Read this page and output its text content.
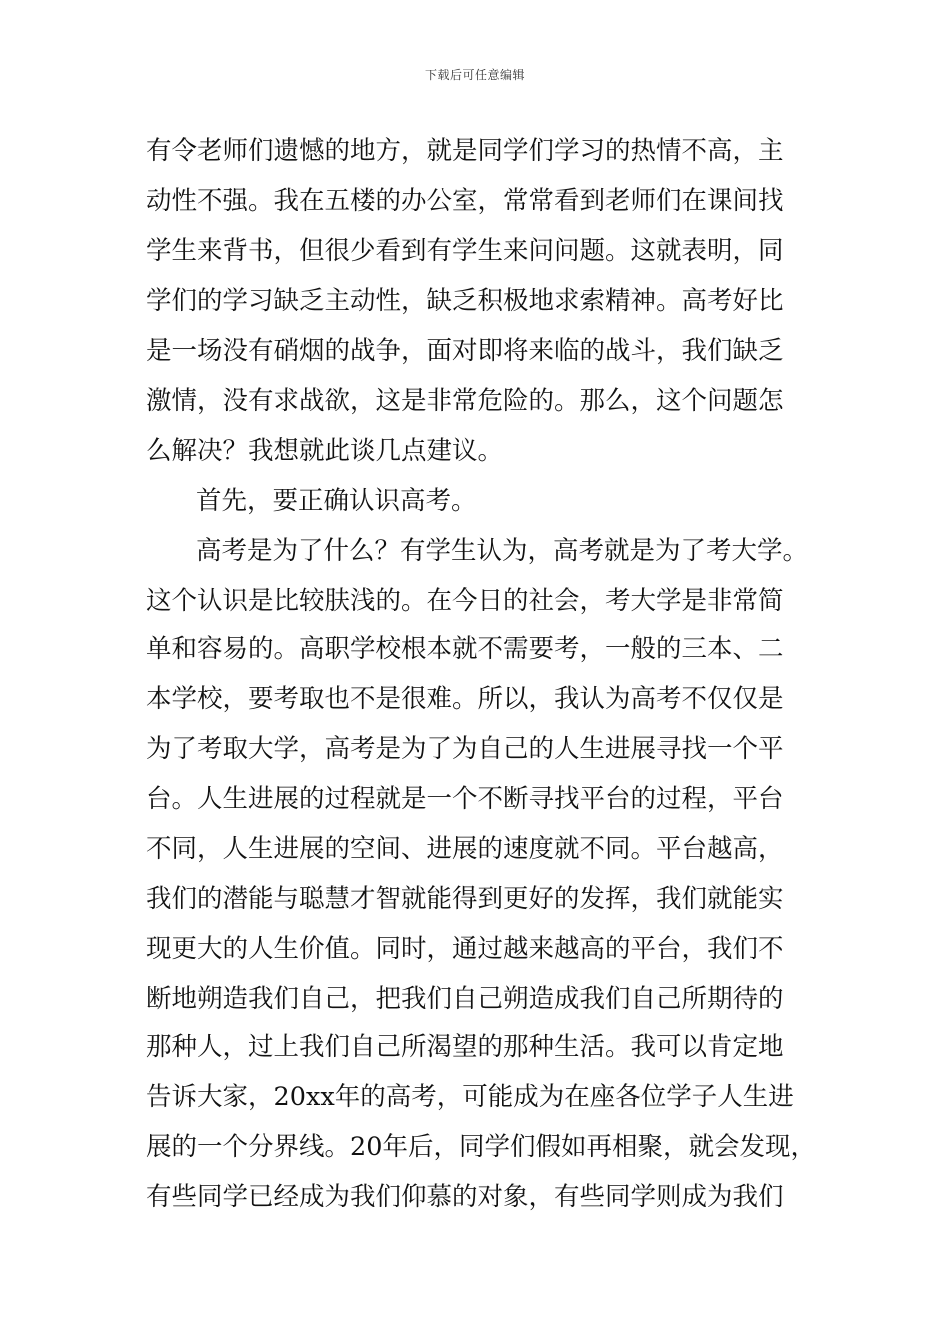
下载后可任意编辑
有令老师们遗憾的地方，就是同学们学习的热情不高，主
动性不强。我在五楼的办公室，常常看到老师们在课间找
学生来背书，但很少看到有学生来问问题。这就表明，同
学们的学习缺乏主动性，缺乏积极地求索精神。高考好比
是一场没有硝烟的战争，面对即将来临的战斗，我们缺乏
激情，没有求战欲，这是非常危险的。那么，这个问题怎
么解决？我想就此谈几点建议。
首先，要正确认识高考。
高考是为了什么？有学生认为，高考就是为了考大学。
这个认识是比较肤浅的。在今日的社会，考大学是非常简
单和容易的。高职学校根本就不需要考，一般的三本、二
本学校，要考取也不是很难。所以，我认为高考不仅仅是
为了考取大学，高考是为了为自己的人生进展寻找一个平
台。人生进展的过程就是一个不断寻找平台的过程，平台
不同，人生进展的空间、进展的速度就不同。平台越高，
我们的潜能与聪慧才智就能得到更好的发挥，我们就能实
现更大的人生价值。同时，通过越来越高的平台，我们不
断地朔造我们自己，把我们自己朔造成我们自己所期待的
那种人，过上我们自己所渴望的那种生活。我可以肯定地
告诉大家，20xx年的高考，可能成为在座各位学子人生进
展的一个分界线。20年后，同学们假如再相聚，就会发现，
有些同学已经成为我们仰慕的对象，有些同学则成为我们
